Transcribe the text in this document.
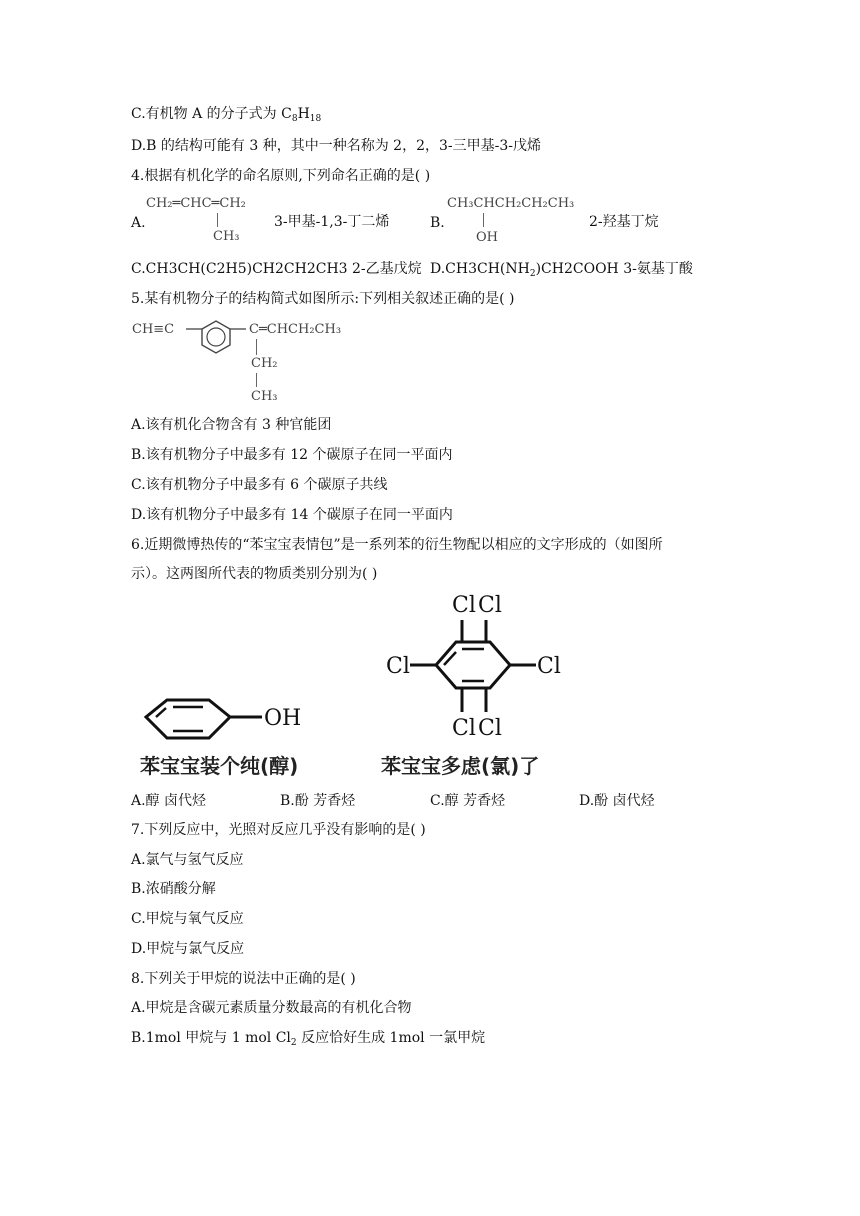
C.有机物 A 的分子式为 $C_8H_{18}$
D.B 的结构可能有 3 种，其中一种名称为 2，2，3-三甲基-3-戊烯
4.根据有机化学的命名原则,下列命名正确的是( )
A.
CH₂═CHC═CH₂
CH₃
3-甲基-1,3-丁二烯	B.
CH₃CHCH₂CH₂CH₃
OH
2-羟基丁烷
C.CH3CH(C2H5)CH2CH2CH3 2-乙基戊烷 $D.CH3CH(NH_2)CH2COOH$ 3-氨基丁酸
5.某有机物分子的结构简式如图所示:下列相关叙述正确的是( )
CH≡C	C═CHCH₂CH₃
CH₂
CH₃
A.该有机化合物含有 3 种官能团
B.该有机物分子中最多有 12 个碳原子在同一平面内
C.该有机物分子中最多有 6 个碳原子共线
D.该有机物分子中最多有 14 个碳原子在同一平面内
6.近期微博热传的“苯宝宝表情包”是一系列苯的衍生物配以相应的文字形成的（如图所
示）。这两图所代表的物质类别分别为( )
OH
苯宝宝装个纯(醇)
Cl Cl
Cl	Cl
Cl Cl
苯宝宝多虑(氯)了
A.醇 卤代烃	B.酚 芳香烃	C.醇 芳香烃	D.酚 卤代烃
7.下列反应中，光照对反应几乎没有影响的是( )
A.氯气与氢气反应
B.浓硝酸分解
C.甲烷与氧气反应
D.甲烷与氯气反应
8.下列关于甲烷的说法中正确的是( )
A.甲烷是含碳元素质量分数最高的有机化合物
B.1mol 甲烷与 1 mol $Cl_2$ 反应恰好生成 1mol 一氯甲烷
